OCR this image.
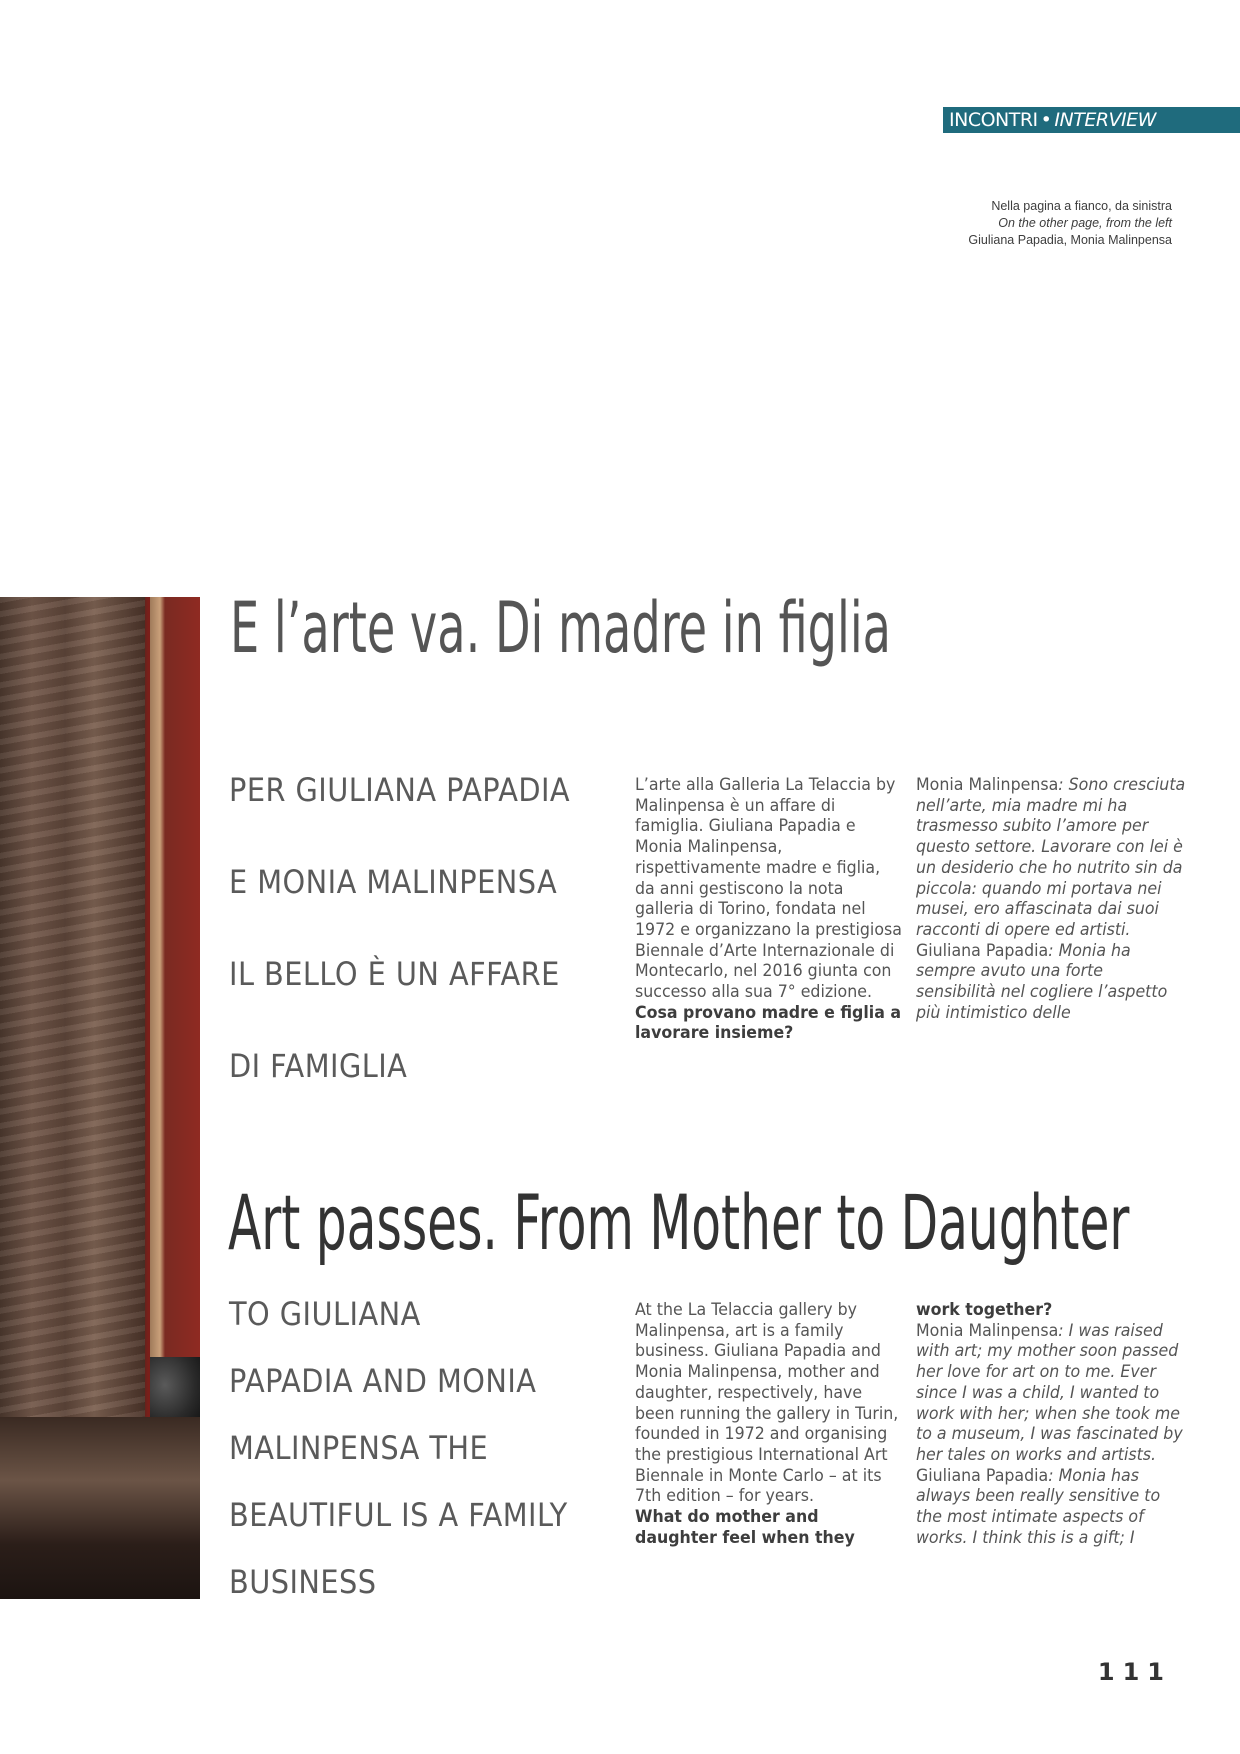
INCONTRI • INTERVIEW
Nella pagina a fianco, da sinistra
On the other page, from the left
Giuliana Papadia, Monia Malinpensa
E l’arte va. Di madre in figlia
PER GIULIANA PAPADIA
E MONIA MALINPENSA
IL BELLO È UN AFFARE
DI FAMIGLIA

L’arte alla Galleria La Telaccia by Malinpensa è un affare di famiglia. Giuliana Papadia e Monia Malinpensa, rispettivamente madre e figlia, da anni gestiscono la nota galleria di Torino, fondata nel 1972 e organizzano la prestigiosa Biennale d’Arte Internazionale di Montecarlo, nel 2016 giunta con successo alla sua 7° edizione.

Cosa provano madre e figlia a lavorare insieme?

Monia Malinpensa: Sono cresciuta nell’arte, mia madre mi ha trasmesso subito l’amore per questo settore. Lavorare con lei è un desiderio che ho nutrito sin da piccola: quando mi portava nei musei, ero affascinata dai suoi racconti di opere ed artisti.

Giuliana Papadia: Monia ha sempre avuto una forte sensibilità nel cogliere l’aspetto più intimistico delle

Art passes. From Mother to Daughter
TO GIULIANA
PAPADIA AND MONIA
MALINPENSA THE
BEAUTIFUL IS A FAMILY
BUSINESS

At the La Telaccia gallery by Malinpensa, art is a family business. Giuliana Papadia and Monia Malinpensa, mother and daughter, respectively, have been running the gallery in Turin, founded in 1972 and organising the prestigious International Art Biennale in Monte Carlo – at its 7th edition – for years.

What do mother and daughter feel when they

work together?

Monia Malinpensa: I was raised with art; my mother soon passed her love for art on to me. Ever since I was a child, I wanted to work with her; when she took me to a museum, I was fascinated by her tales on works and artists.

Giuliana Papadia: Monia has always been really sensitive to the most intimate aspects of works. I think this is a gift; I

111
